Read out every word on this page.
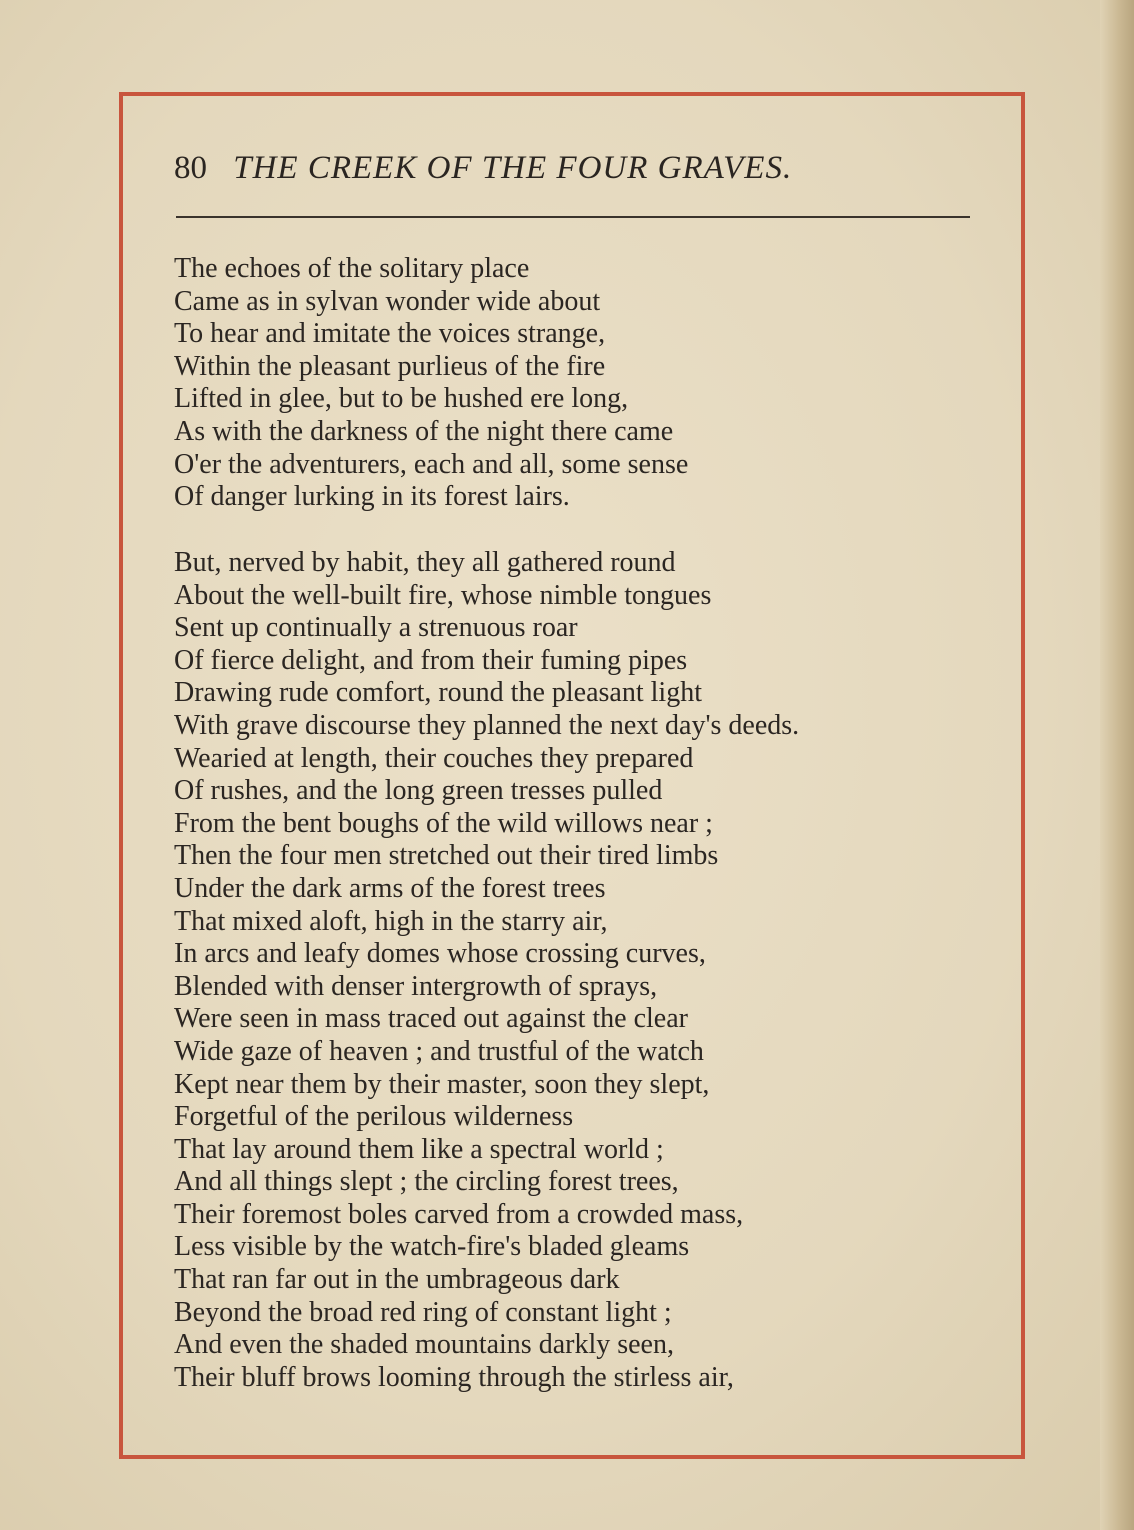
80 THE CREEK OF THE FOUR GRAVES.
The echoes of the solitary place
Came as in sylvan wonder wide about
To hear and imitate the voices strange,
Within the pleasant purlieus of the fire
Lifted in glee, but to be hushed ere long,
As with the darkness of the night there came
O'er the adventurers, each and all, some sense
Of danger lurking in its forest lairs.
But, nerved by habit, they all gathered round
About the well-built fire, whose nimble tongues
Sent up continually a strenuous roar
Of fierce delight, and from their fuming pipes
Drawing rude comfort, round the pleasant light
With grave discourse they planned the next day's deeds.
Wearied at length, their couches they prepared
Of rushes, and the long green tresses pulled
From the bent boughs of the wild willows near ;
Then the four men stretched out their tired limbs
Under the dark arms of the forest trees
That mixed aloft, high in the starry air,
In arcs and leafy domes whose crossing curves,
Blended with denser intergrowth of sprays,
Were seen in mass traced out against the clear
Wide gaze of heaven ; and trustful of the watch
Kept near them by their master, soon they slept,
Forgetful of the perilous wilderness
That lay around them like a spectral world ;
And all things slept ; the circling forest trees,
Their foremost boles carved from a crowded mass,
Less visible by the watch-fire's bladed gleams
That ran far out in the umbrageous dark
Beyond the broad red ring of constant light ;
And even the shaded mountains darkly seen,
Their bluff brows looming through the stirless air,
